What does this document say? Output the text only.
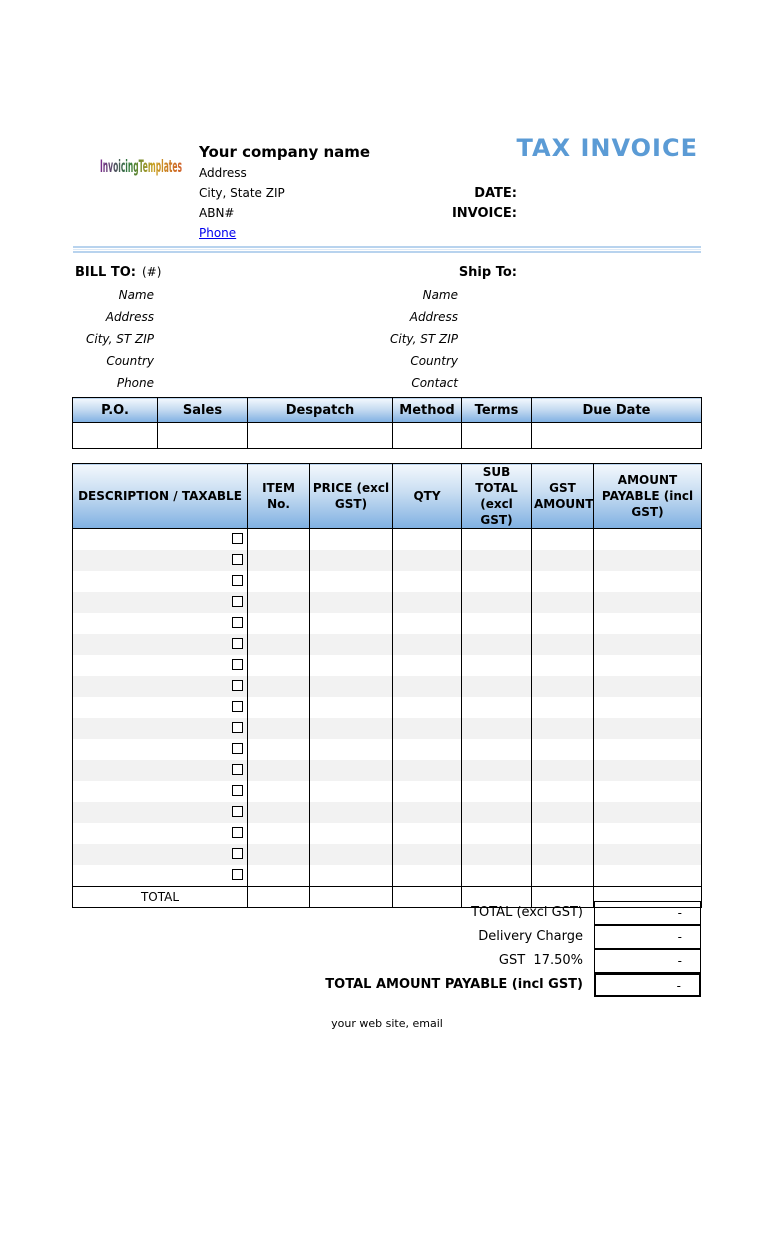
InvoicingTemplates
Your company name
Address
City, State ZIP
ABN#
Phone
TAX INVOICE
DATE:
INVOICE:
BILL TO: (#)	Ship To:
Name
Address
City, ST ZIP
Country
Phone
Name
Address
City, ST ZIP
Country
Contact
P.O.	Sales	Despatch	Method	Terms	Due Date

DESCRIPTION / TAXABLE	ITEM No.	PRICE (excl GST)	QTY	SUB TOTAL (excl GST)	GST AMOUNT	AMOUNT PAYABLE (incl GST)

TOTAL						
TOTAL (excl GST)	-
Delivery Charge	-
GST  17.50%	-
TOTAL AMOUNT PAYABLE (incl GST)	-
your web site, email
